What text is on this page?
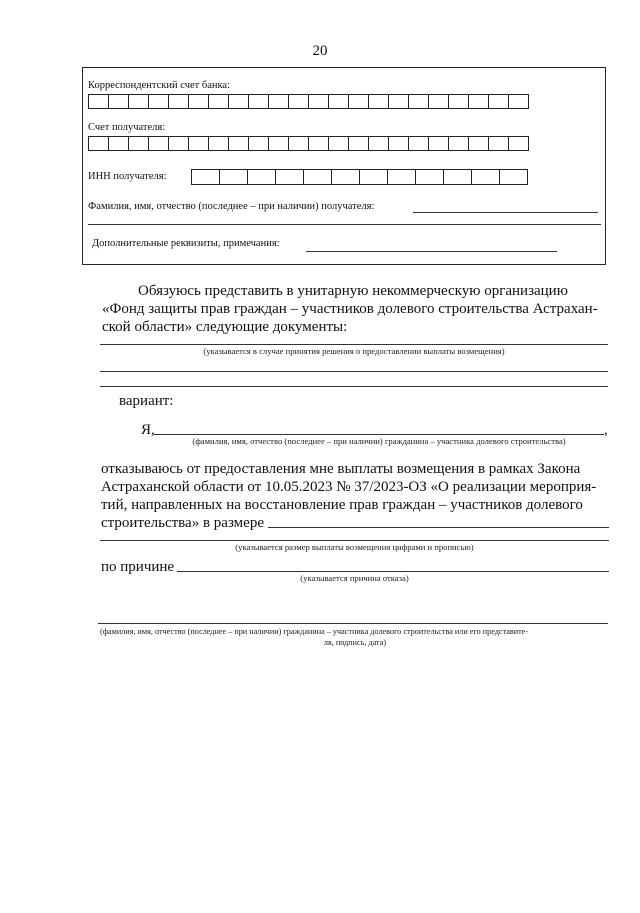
20
Корреспондентский счет банка:
Счет получателя:
ИНН получателя:
Фамилия, имя, отчество (последнее – при наличии) получателя:
Дополнительные реквизиты, примечания:
Обязуюсь представить в унитарную некоммерческую организацию
«Фонд защиты прав граждан – участников долевого строительства Астрахан-
ской области» следующие документы:
(указывается в случае принятия решения о предоставлении выплаты возмещения)
вариант:
Я,	,
(фамилия, имя, отчество (последнее – при наличии) гражданина – участника долевого строительства)
отказываюсь от предоставления мне выплаты возмещения в рамках Закона
Астраханской области от 10.05.2023 № 37/2023-ОЗ «О реализации мероприя-
тий, направленных на восстановление прав граждан – участников долевого
строительства» в размере
(указывается размер выплаты возмещения цифрами и прописью)
по причине
(указывается причина отказа)
(фамилия, имя, отчество (последнее – при наличии) гражданина – участника долевого строительства или его представите-
ля, подпись, дата)
